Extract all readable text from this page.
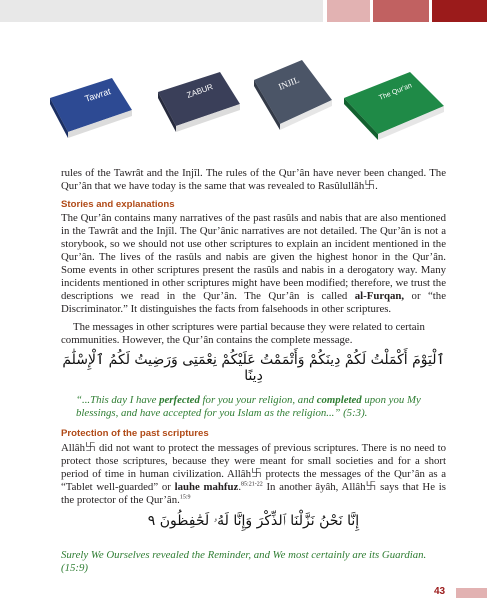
Tawrat	ZABUR	INJIL	The Qur'an
rules of the Tawrât and the Injîl. The rules of the Qur’ân have never been changed. The Qur’ân that we have today is the same that was revealed to Rasûlullâh࿕.
Stories and explanations
The Qur’ân contains many narratives of the past rasûls and nabis that are also mentioned in the Tawrât and the Injîl. The Qur’ânic narratives are not detailed. The Qur’ân is not a storybook, so we should not use other scriptures to explain an incident mentioned in the Qur’ân. The lives of the rasûls and nabis are given the highest honor in the Qur’ân. Some events in other scriptures present the rasûls and nabis in a derogatory way. Many incidents mentioned in other scriptures might have been modified; therefore, we trust the descriptions we read in the Qur’ân. The Qur’ân is called al-Furqan, or “the Discriminator.” It distinguishes the facts from falsehoods in other scriptures.
The messages in other scriptures were partial because they were related to certain communities. However, the Qur’ân contains the complete message.
ٱلْيَوْمَ أَكْمَلْتُ لَكُمْ دِينَكُمْ وَأَتْمَمْتُ عَلَيْكُمْ نِعْمَتِى وَرَضِيتُ لَكُمُ ٱلْإِسْلَٰمَ دِينًا
“...This day I have perfected for you your religion, and completed upon you My blessings, and have accepted for you Islam as the religion...” (5:3).
Protection of the past scriptures
Allâh࿕ did not want to protect the messages of previous scriptures. There is no need to protect those scriptures, because they were meant for small societies and for a short period of time in human civilization. Allâh࿕ protects the messages of the Qur’ân as a “Tablet well-guarded” or lauhe mahfuz.$^{85:21-22}$ In another âyâh, Allâh࿕ says that He is the protector of the Qur’ân.$^{15:9}$
إِنَّا نَحْنُ نَزَّلْنَا ٱلذِّكْرَ وَإِنَّا لَهُۥ لَحَٰفِظُونَ ٩
Surely We Ourselves revealed the Reminder, and We most certainly are its Guardian. (15:9)
43
